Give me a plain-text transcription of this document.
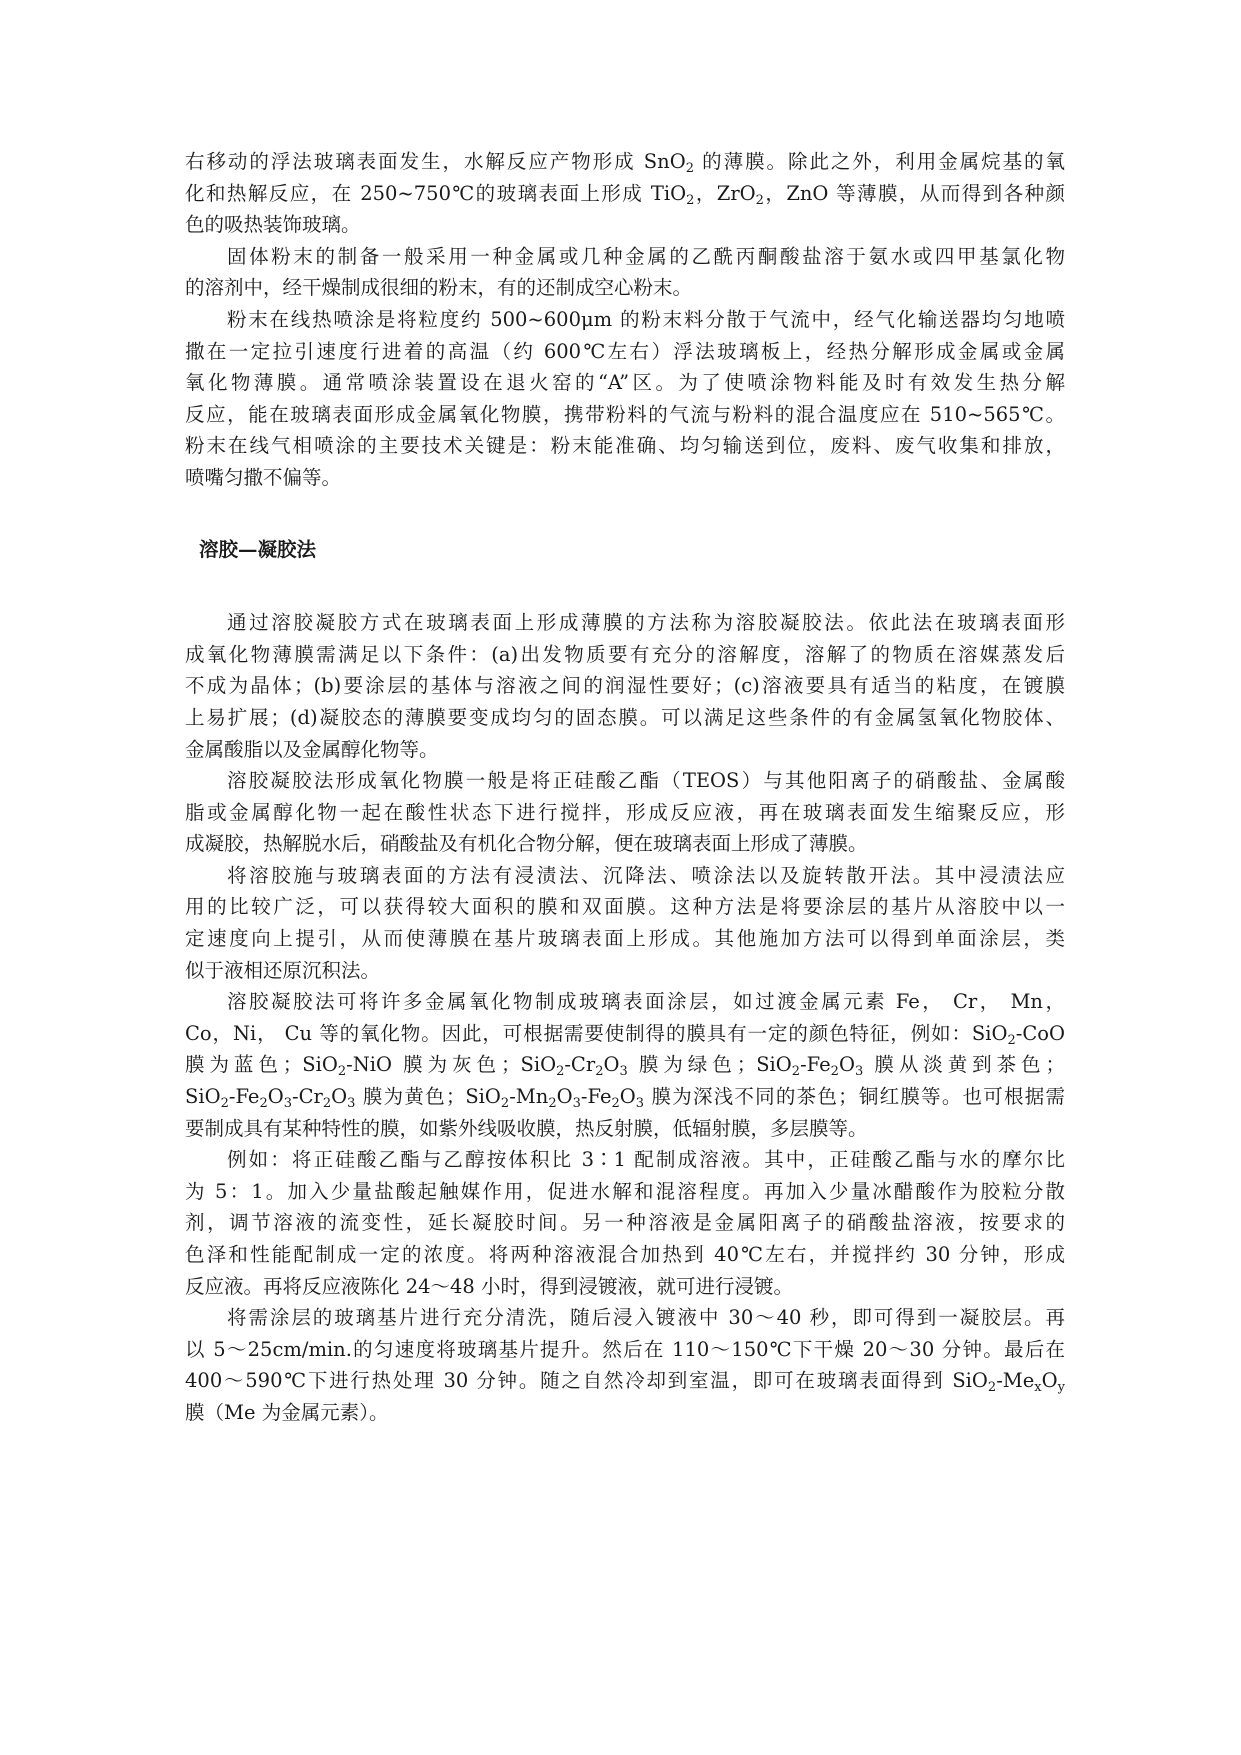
右移动的浮法玻璃表面发生，水解反应产物形成 SnO$_2$ 的薄膜。除此之外，利用金属烷基的氧
化和热解反应，在 250~750℃的玻璃表面上形成 TiO$_2$，ZrO$_2$，ZnO 等薄膜，从而得到各种颜
色的吸热装饰玻璃。

固体粉末的制备一般采用一种金属或几种金属的乙酰丙酮酸盐溶于氨水或四甲基氯化物
的溶剂中，经干燥制成很细的粉末，有的还制成空心粉末。

粉末在线热喷涂是将粒度约 500~600μm 的粉末料分散于气流中，经气化输送器均匀地喷
撒在一定拉引速度行进着的高温（约 600℃左右）浮法玻璃板上，经热分解形成金属或金属
氧化物薄膜。通常喷涂装置设在退火窑的“A”区。为了使喷涂物料能及时有效发生热分解
反应，能在玻璃表面形成金属氧化物膜，携带粉料的气流与粉料的混合温度应在 510~565℃。
粉末在线气相喷涂的主要技术关键是：粉末能准确、均匀输送到位，废料、废气收集和排放，
喷嘴匀撒不偏等。

溶胶—凝胶法

通过溶胶凝胶方式在玻璃表面上形成薄膜的方法称为溶胶凝胶法。依此法在玻璃表面形
成氧化物薄膜需满足以下条件：(a)出发物质要有充分的溶解度，溶解了的物质在溶媒蒸发后
不成为晶体；(b)要涂层的基体与溶液之间的润湿性要好；(c)溶液要具有适当的粘度，在镀膜
上易扩展；(d)凝胶态的薄膜要变成均匀的固态膜。可以满足这些条件的有金属氢氧化物胶体、
金属酸脂以及金属醇化物等。

溶胶凝胶法形成氧化物膜一般是将正硅酸乙酯（TEOS）与其他阳离子的硝酸盐、金属酸
脂或金属醇化物一起在酸性状态下进行搅拌，形成反应液，再在玻璃表面发生缩聚反应，形
成凝胶，热解脱水后，硝酸盐及有机化合物分解，便在玻璃表面上形成了薄膜。

将溶胶施与玻璃表面的方法有浸渍法、沉降法、喷涂法以及旋转散开法。其中浸渍法应
用的比较广泛，可以获得较大面积的膜和双面膜。这种方法是将要涂层的基片从溶胶中以一
定速度向上提引，从而使薄膜在基片玻璃表面上形成。其他施加方法可以得到单面涂层，类
似于液相还原沉积法。

溶胶凝胶法可将许多金属氧化物制成玻璃表面涂层，如过渡金属元素 Fe， Cr， Mn，
Co，Ni， Cu 等的氧化物。因此，可根据需要使制得的膜具有一定的颜色特征，例如：SiO$_2$-CoO
膜为蓝色；SiO$_2$-NiO 膜为灰色；$SiO_2-Cr_2O_3$ 膜为绿色；$SiO_2-Fe_2O_3$ 膜从淡黄到茶色；
$SiO_2-Fe_2O_3-Cr_2O_3$ 膜为黄色；$SiO_2-Mn_2O_3-Fe_2O_3$ 膜为深浅不同的茶色；铜红膜等。也可根据需
要制成具有某种特性的膜，如紫外线吸收膜，热反射膜，低辐射膜，多层膜等。

例如：将正硅酸乙酯与乙醇按体积比 3∶1 配制成溶液。其中，正硅酸乙酯与水的摩尔比
为 5：1。加入少量盐酸起触媒作用，促进水解和混溶程度。再加入少量冰醋酸作为胶粒分散
剂，调节溶液的流变性，延长凝胶时间。另一种溶液是金属阳离子的硝酸盐溶液，按要求的
色泽和性能配制成一定的浓度。将两种溶液混合加热到 40℃左右，并搅拌约 30 分钟，形成
反应液。再将反应液陈化 24～48 小时，得到浸镀液，就可进行浸镀。

将需涂层的玻璃基片进行充分清洗，随后浸入镀液中 30～40 秒，即可得到一凝胶层。再
以 5～25cm/min.的匀速度将玻璃基片提升。然后在 110～150℃下干燥 20～30 分钟。最后在
400～590℃下进行热处理 30 分钟。随之自然冷却到室温，即可在玻璃表面得到 $SiO_2-Me_xO_y$
膜（Me 为金属元素）。
